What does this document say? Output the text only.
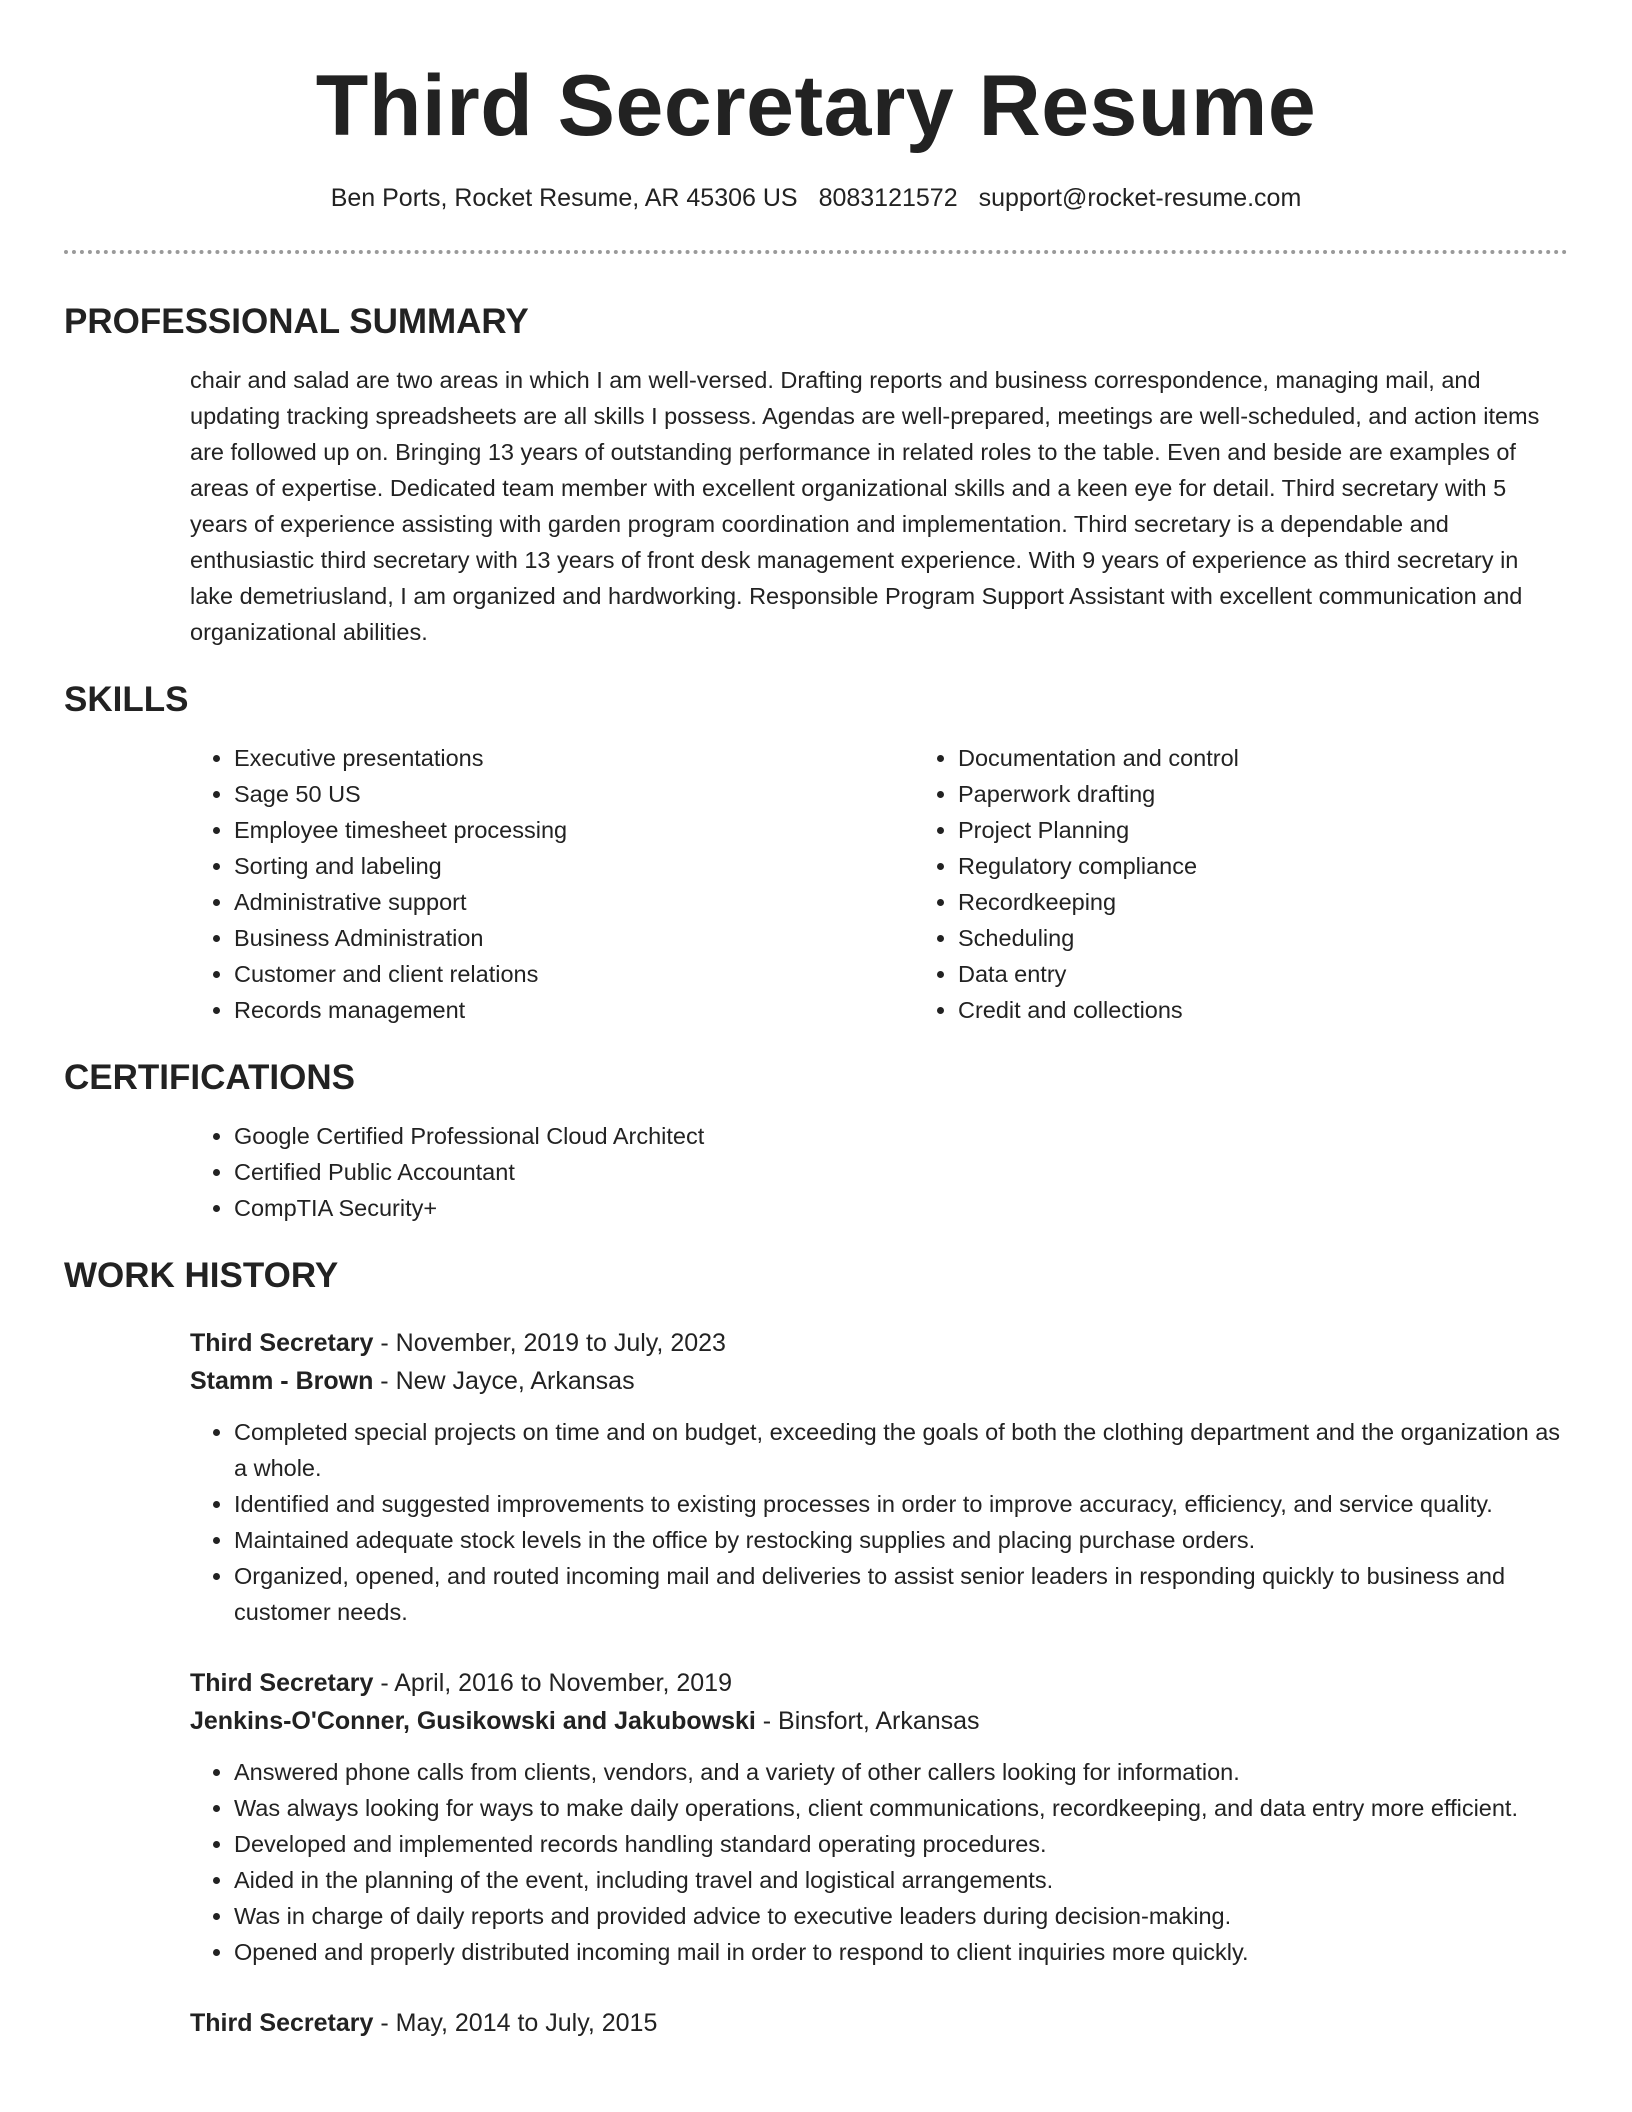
Third Secretary Resume
Ben Ports, Rocket Resume, AR 45306 US 8083121572 support@rocket-resume.com
PROFESSIONAL SUMMARY

chair and salad are two areas in which I am well-versed. Drafting reports and business correspondence, managing mail, and updating tracking spreadsheets are all skills I possess. Agendas are well-prepared, meetings are well-scheduled, and action items are followed up on. Bringing 13 years of outstanding performance in related roles to the table. Even and beside are examples of areas of expertise. Dedicated team member with excellent organizational skills and a keen eye for detail. Third secretary with 5 years of experience assisting with garden program coordination and implementation. Third secretary is a dependable and enthusiastic third secretary with 13 years of front desk management experience. With 9 years of experience as third secretary in lake demetriusland, I am organized and hardworking. Responsible Program Support Assistant with excellent communication and organizational abilities.

SKILLS
• Executive presentations
• Sage 50 US
• Employee timesheet processing
• Sorting and labeling
• Administrative support
• Business Administration
• Customer and client relations
• Records management
• Documentation and control
• Paperwork drafting
• Project Planning
• Regulatory compliance
• Recordkeeping
• Scheduling
• Data entry
• Credit and collections
CERTIFICATIONS
• Google Certified Professional Cloud Architect
• Certified Public Accountant
• CompTIA Security+
WORK HISTORY
Third Secretary - November, 2019 to July, 2023
Stamm - Brown - New Jayce, Arkansas
• Completed special projects on time and on budget, exceeding the goals of both the clothing department and the organization as a whole.
• Identified and suggested improvements to existing processes in order to improve accuracy, efficiency, and service quality.
• Maintained adequate stock levels in the office by restocking supplies and placing purchase orders.
• Organized, opened, and routed incoming mail and deliveries to assist senior leaders in responding quickly to business and customer needs.
Third Secretary - April, 2016 to November, 2019
Jenkins-O'Conner, Gusikowski and Jakubowski - Binsfort, Arkansas
• Answered phone calls from clients, vendors, and a variety of other callers looking for information.
• Was always looking for ways to make daily operations, client communications, recordkeeping, and data entry more efficient.
• Developed and implemented records handling standard operating procedures.
• Aided in the planning of the event, including travel and logistical arrangements.
• Was in charge of daily reports and provided advice to executive leaders during decision-making.
• Opened and properly distributed incoming mail in order to respond to client inquiries more quickly.
Third Secretary - May, 2014 to July, 2015
